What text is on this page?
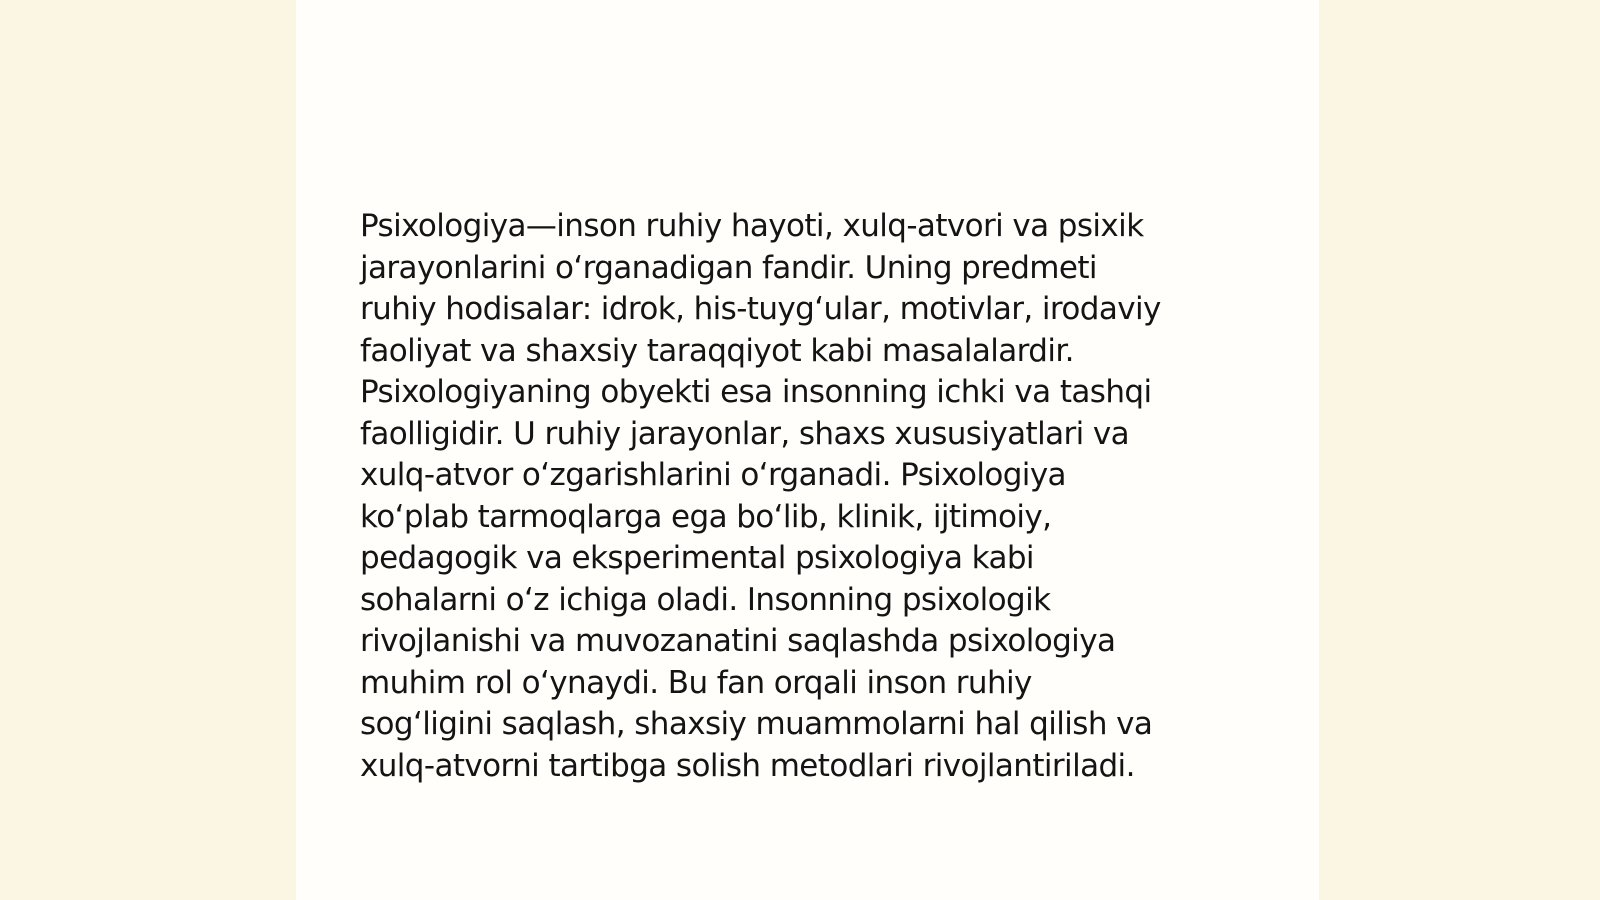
Psixologiya—inson ruhiy hayoti, xulq-atvori va psixik
jarayonlarini oʻrganadigan fandir. Uning predmeti
ruhiy hodisalar: idrok, his-tuygʻular, motivlar, irodaviy
faoliyat va shaxsiy taraqqiyot kabi masalalardir.
Psixologiyaning obyekti esa insonning ichki va tashqi
faolligidir. U ruhiy jarayonlar, shaxs xususiyatlari va
xulq-atvor oʻzgarishlarini oʻrganadi. Psixologiya
koʻplab tarmoqlarga ega boʻlib, klinik, ijtimoiy,
pedagogik va eksperimental psixologiya kabi
sohalarni oʻz ichiga oladi. Insonning psixologik
rivojlanishi va muvozanatini saqlashda psixologiya
muhim rol oʻynaydi. Bu fan orqali inson ruhiy
sogʻligini saqlash, shaxsiy muammolarni hal qilish va
xulq-atvorni tartibga solish metodlari rivojlantiriladi.
